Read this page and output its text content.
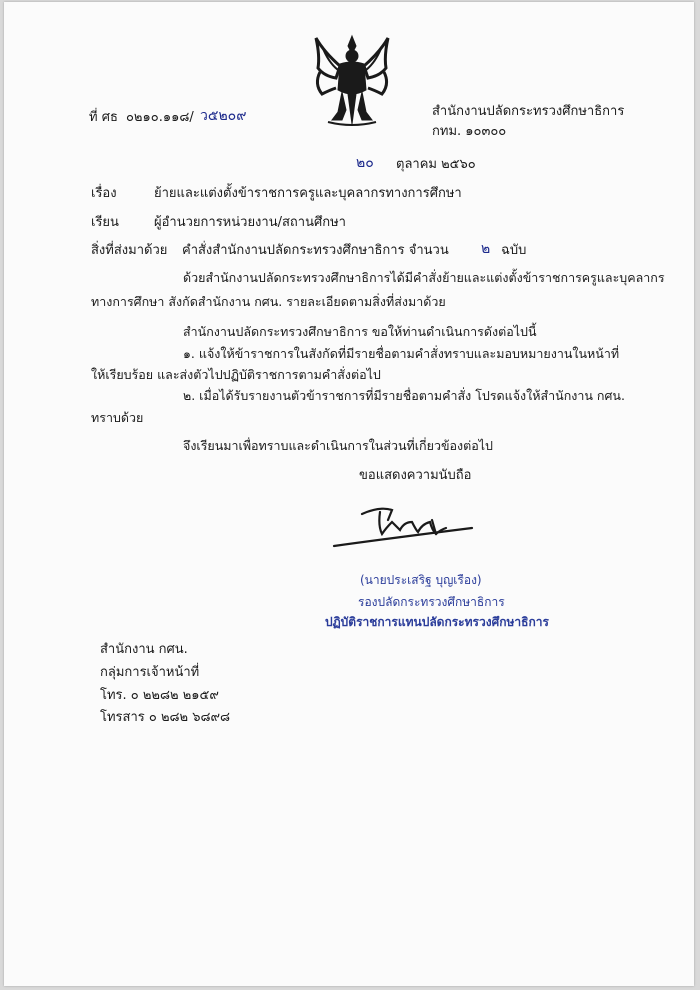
ที่ ศธ ๐๒๑๐.๑๑๘/ ว๕๒๐๙	สำนักงานปลัดกระทรวงศึกษาธิการ
กทม. ๑๐๓๐๐
๒๐ ตุลาคม ๒๕๖๐
เรื่อง	ย้ายและแต่งตั้งข้าราชการครูและบุคลากรทางการศึกษา
เรียน	ผู้อำนวยการหน่วยงาน/สถานศึกษา
สิ่งที่ส่งมาด้วย คำสั่งสำนักงานปลัดกระทรวงศึกษาธิการ จำนวน ๒ ฉบับ
ด้วยสำนักงานปลัดกระทรวงศึกษาธิการได้มีคำสั่งย้ายและแต่งตั้งข้าราชการครูและบุคลากร
ทางการศึกษา สังกัดสำนักงาน กศน. รายละเอียดตามสิ่งที่ส่งมาด้วย
สำนักงานปลัดกระทรวงศึกษาธิการ ขอให้ท่านดำเนินการดังต่อไปนี้
๑. แจ้งให้ข้าราชการในสังกัดที่มีรายชื่อตามคำสั่งทราบและมอบหมายงานในหน้าที่
ให้เรียบร้อย และส่งตัวไปปฏิบัติราชการตามคำสั่งต่อไป
๒. เมื่อได้รับรายงานตัวข้าราชการที่มีรายชื่อตามคำสั่ง โปรดแจ้งให้สำนักงาน กศน.
ทราบด้วย
จึงเรียนมาเพื่อทราบและดำเนินการในส่วนที่เกี่ยวข้องต่อไป
ขอแสดงความนับถือ
(นายประเสริฐ บุญเรือง)
รองปลัดกระทรวงศึกษาธิการ
ปฏิบัติราชการแทนปลัดกระทรวงศึกษาธิการ
สำนักงาน กศน.
กลุ่มการเจ้าหน้าที่
โทร. ๐ ๒๒๘๒ ๒๑๕๙
โทรสาร ๐ ๒๘๒ ๖๘๙๘
